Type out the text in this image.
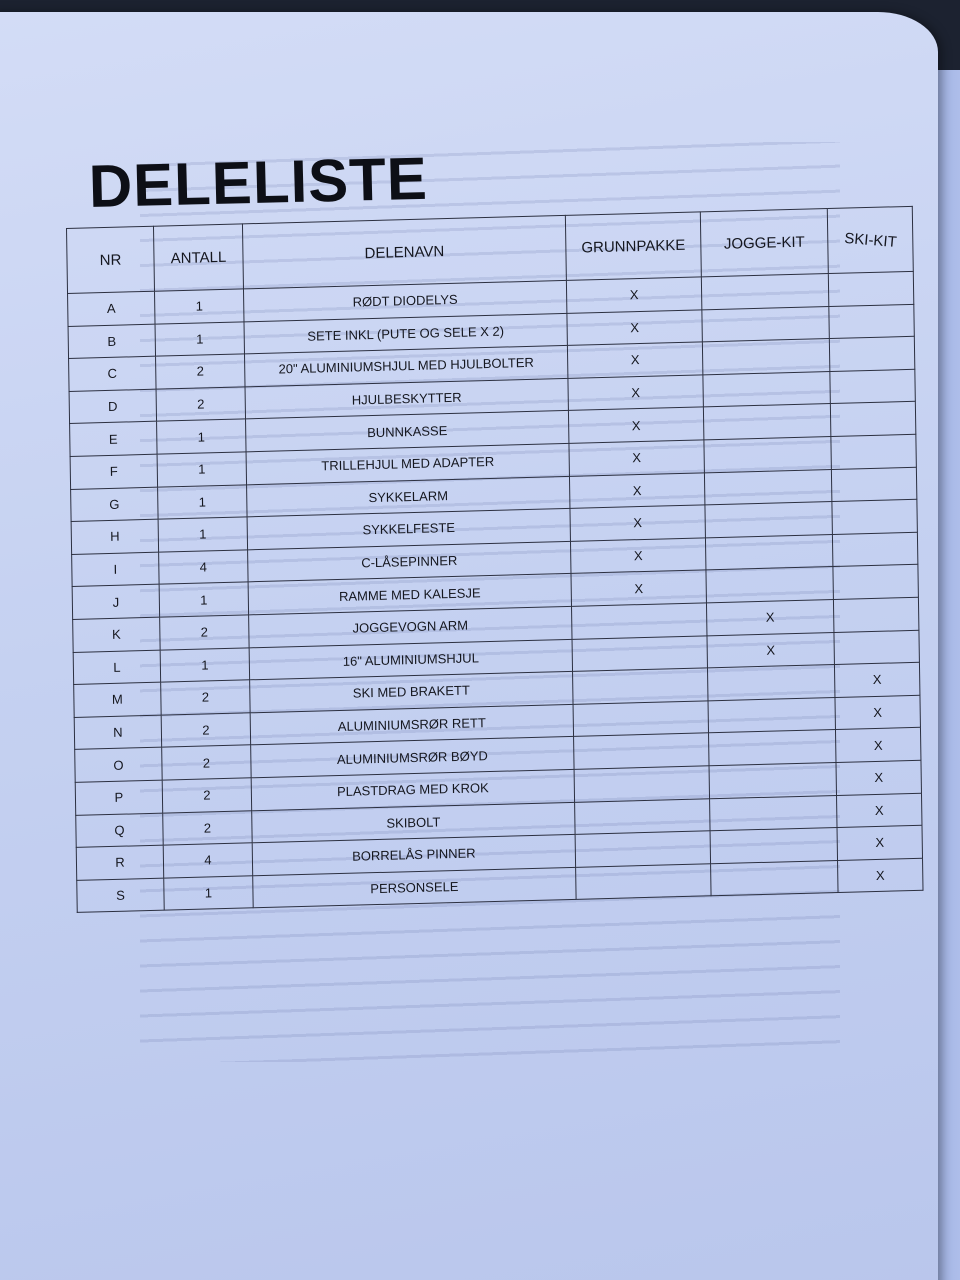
DELELISTE
NR	ANTALL	DELENAVN	GRUNNPAKKE	JOGGE-KIT	SKI-KIT
A	1	RØDT DIODELYS	X		
B	1	SETE INKL (PUTE OG SELE X 2)	X		
C	2	20" ALUMINIUMSHJUL MED HJULBOLTER	X		
D	2	HJULBESKYTTER	X		
E	1	BUNNKASSE	X		
F	1	TRILLEHJUL MED ADAPTER	X		
G	1	SYKKELARM	X		
H	1	SYKKELFESTE	X		
I	4	C-LÅSEPINNER	X		
J	1	RAMME MED KALESJE	X		
K	2	JOGGEVOGN ARM		X	
L	1	16" ALUMINIUMSHJUL		X	
M	2	SKI MED BRAKETT			X
N	2	ALUMINIUMSRØR RETT			X
O	2	ALUMINIUMSRØR BØYD			X
P	2	PLASTDRAG MED KROK			X
Q	2	SKIBOLT			X
R	4	BORRELÅS PINNER			X
S	1	PERSONSELE			X
